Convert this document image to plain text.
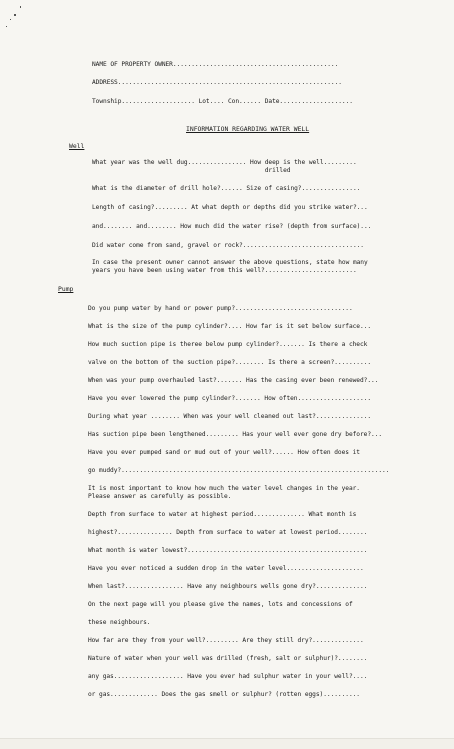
NAME OF PROPERTY OWNER.............................................
ADDRESS.............................................................
Township.................... Lot.... Con...... Date....................
INFORMATION REGARDING WATER WELL
Well
What year was the well dug................ How deep is the well.........
drilled
What is the diameter of drill hole?...... Size of casing?................
Length of casing?......... At what depth or depths did you strike water?...
and........ and........ How much did the water rise? (depth from surface)...
Did water come from sand, gravel or rock?.................................
In case the present owner cannot answer the above questions, state how many
years you have been using water from this well?.........................
Pump
Do you pump water by hand or power pump?................................
What is the size of the pump cylinder?.... How far is it set below surface...
How much suction pipe is theree below pump cylinder?....... Is there a check
valve on the bottom of the suction pipe?........ Is there a screen?..........
When was your pump overhauled last?....... Has the casing ever been renewed?...
Have you ever lowered the pump cylinder?....... How often....................
During what year ........ When was your well cleaned out last?...............
Has suction pipe been lengthened......... Has your well ever gone dry before?...
Have you ever pumped sand or mud out of your well?...... How often does it
go muddy?.........................................................................
It is most important to know how much the water level changes in the year.
Please answer as carefully as possible.
Depth from surface to water at highest period.............. What month is
highest?............... Depth from surface to water at lowest period........
What month is water lowest?.................................................
Have you ever noticed a sudden drop in the water level.....................
When last?................ Have any neighbours wells gone dry?..............
On the next page will you please give the names, lots and concessions of
these neighbours.
How far are they from your well?......... Are they still dry?..............
Nature of water when your well was drilled (fresh, salt or sulphur)?........
any gas................... Have you ever had sulphur water in your well?....
or gas............. Does the gas smell or sulphur? (rotten eggs)..........
